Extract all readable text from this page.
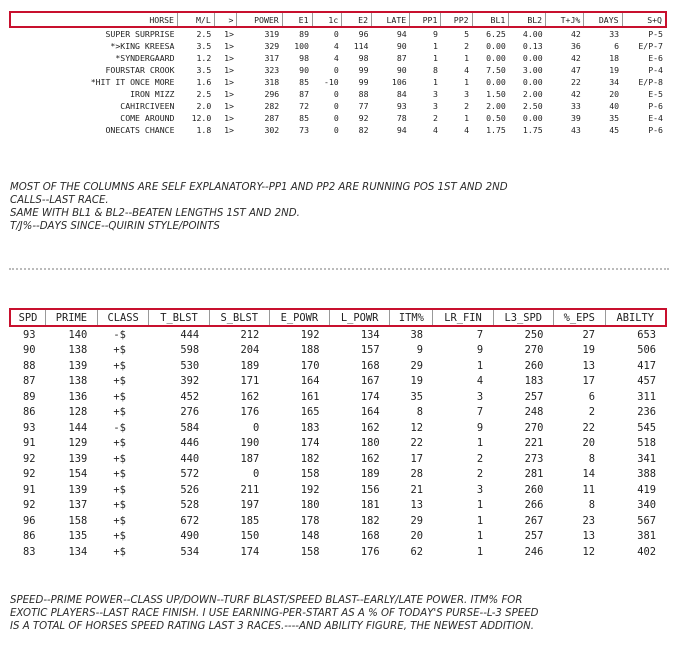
HORSE	M/L	>	POWER	E1	1c	E2	LATE	PP1	PP2	BL1	BL2	T+J%	DAYS	S+Q
SUPER SURPRISE	2.5	1>	319	89	0	96	94	9	5	6.25	4.00	42	33	P-5
*>KING KREESA	3.5	1>	329	100	4	114	90	1	2	0.00	0.13	36	6	E/P-7
*SYNDERGAARD	1.2	1>	317	98	4	98	87	1	1	0.00	0.00	42	18	E-6
FOURSTAR CROOK	3.5	1>	323	90	0	99	90	8	4	7.50	3.00	47	19	P-4
*HIT IT ONCE MORE	1.6	1>	318	85	-10	99	106	1	1	0.00	0.00	22	34	E/P-8
IRON MIZZ	2.5	1>	296	87	0	88	84	3	3	1.50	2.00	42	20	E-5
CAHIRCIVEEN	2.0	1>	282	72	0	77	93	3	2	2.00	2.50	33	40	P-6
COME AROUND	12.0	1>	287	85	0	92	78	2	1	0.50	0.00	39	35	E-4
ONECATS CHANCE	1.8	1>	302	73	0	82	94	4	4	1.75	1.75	43	45	P-6
MOST OF THE COLUMNS ARE SELF EXPLANATORY--PP1 AND PP2 ARE RUNNING POS 1ST AND 2ND
CALLS--LAST RACE.
SAME WITH BL1 & BL2--BEATEN LENGTHS 1ST AND 2ND.
T/J%--DAYS SINCE--QUIRIN STYLE/POINTS
SPD	PRIME	CLASS	T_BLST	S_BLST	E_POWR	L_POWR	ITM%	LR_FIN	L3_SPD	%_EPS	ABILTY
93	140	-$	444	212	192	134	38	7	250	27	653
90	138	+$	598	204	188	157	9	9	270	19	506
88	139	+$	530	189	170	168	29	1	260	13	417
87	138	+$	392	171	164	167	19	4	183	17	457
89	136	+$	452	162	161	174	35	3	257	6	311
86	128	+$	276	176	165	164	8	7	248	2	236
93	144	-$	584	0	183	162	12	9	270	22	545
91	129	+$	446	190	174	180	22	1	221	20	518
92	139	+$	440	187	182	162	17	2	273	8	341
92	154	+$	572	0	158	189	28	2	281	14	388
91	139	+$	526	211	192	156	21	3	260	11	419
92	137	+$	528	197	180	181	13	1	266	8	340
96	158	+$	672	185	178	182	29	1	267	23	567
86	135	+$	490	150	148	168	20	1	257	13	381
83	134	+$	534	174	158	176	62	1	246	12	402
SPEED--PRIME POWER--CLASS UP/DOWN--TURF BLAST/SPEED BLAST--EARLY/LATE POWER. ITM% FOR
EXOTIC PLAYERS--LAST RACE FINISH. I USE EARNING-PER-START AS A % OF TODAY'S PURSE--L-3 SPEED
IS A TOTAL OF HORSES SPEED RATING LAST 3 RACES.----AND ABILITY FIGURE, THE NEWEST ADDITION.
